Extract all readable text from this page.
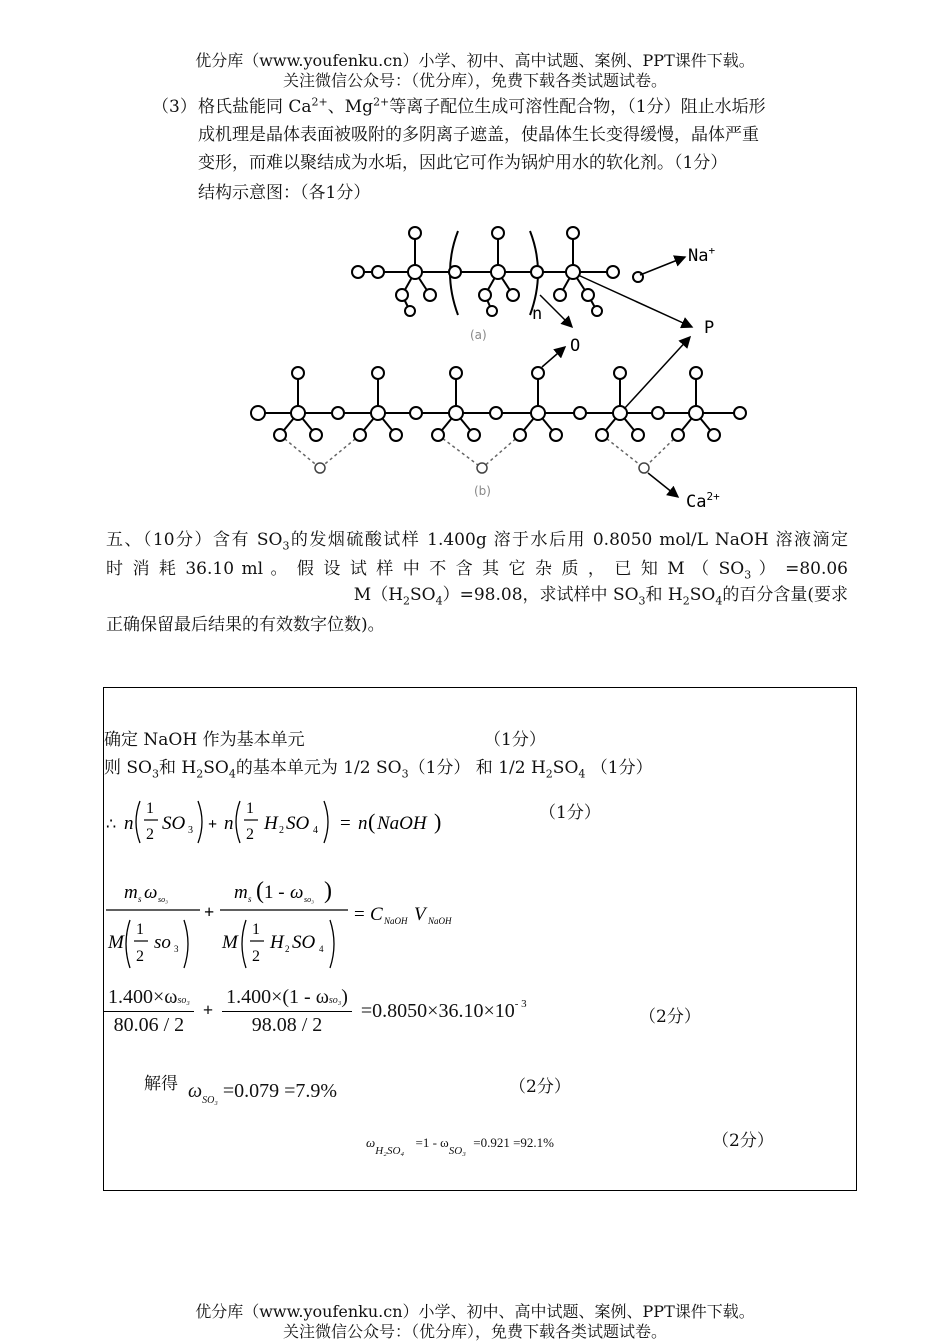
优分库（www.youfenku.cn）小学、初中、高中试题、案例、PPT课件下载。
关注微信公众号：（优分库），免费下载各类试题试卷。
（3） 格氏盐能同 $Ca^{2+}$、$Mg^{2+}$等离子配位生成可溶性配合物，（1分）阻止水垢形
成机理是晶体表面被吸附的多阴离子遮盖，使晶体生长变得缓慢，晶体严重
变形，而难以聚结成为水垢，因此它可作为锅炉用水的软化剂。（1分）
结构示意图：（各1分）
Na+
P
O
$Ca^{2+}$
n
(a)
(b)
五、（10分）含有 $SO_3$的发烟硫酸试样 1.400g 溶于水后用 0.8050 mol/L NaOH 溶液滴定
时 消 耗 36.10 ml 。 假 设 试 样 中 不 含 其 它 杂 质 ， 已 知 M （ $SO_3$ ） =80.06
$M(H_2SO_4)=98.08$，求试样中 $SO_3$和 $H_2SO_4$的百分含量(要求
正确保留最后结果的有效数字位数)。
确定 NaOH 作为基本单元	（1分）
则 $SO_3$和 $H_2SO_4$的基本单元为 1/2 $SO_3(1$分） 和 1/2 $H_2SO_4$ （1分）
∴ n
1
2
SO 3 + n
1
2
H 2 SO 4 = n ( NaOH )	（1分）
m s ω so₃
M
1
2
so 3
+
m s ( 1 - ω so₃ )
M
1
2
H 2 SO 4
= C NaOH V NaOH
$\frac{\text{1.400×ωso₃}}{80.06 / 2} + \frac{\text{1.400×(1 - ωso₃)}}{98.08 / 2} =0.8050\times 36.10\times 10^{- 3}$
（2分）
解得 $\omega_{SO_3} =0.079 =7.9\%$	（2分）
$\omega_{H_2SO_4} =1 - \omega_{SO_3} =0.921 =92.1\%$	（2分）
优分库（www.youfenku.cn）小学、初中、高中试题、案例、PPT课件下载。
关注微信公众号：（优分库），免费下载各类试题试卷。
